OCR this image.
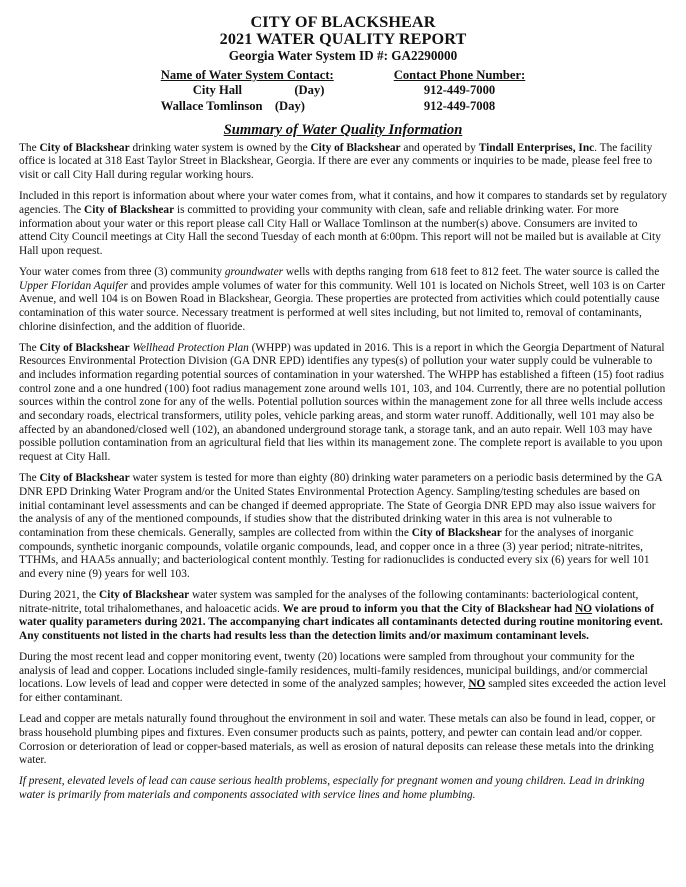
CITY OF BLACKSHEAR
2021 WATER QUALITY REPORT
Georgia Water System ID #: GA2290000
Name of Water System Contact:
City Hall	(Day)
Wallace Tomlinson (Day)
Contact Phone Number:
912-449-7000
912-449-7008
Summary of Water Quality Information

The City of Blackshear drinking water system is owned by the City of Blackshear and operated by Tindall Enterprises, Inc. The facility office is located at 318 East Taylor Street in Blackshear, Georgia. If there are ever any comments or inquiries to be made, please feel free to visit or call City Hall during regular working hours.

Included in this report is information about where your water comes from, what it contains, and how it compares to standards set by regulatory agencies. The City of Blackshear is committed to providing your community with clean, safe and reliable drinking water. For more information about your water or this report please call City Hall or Wallace Tomlinson at the number(s) above. Consumers are invited to attend City Council meetings at City Hall the second Tuesday of each month at 6:00pm. This report will not be mailed but is available at City Hall upon request.

Your water comes from three (3) community groundwater wells with depths ranging from 618 feet to 812 feet. The water source is called the Upper Floridan Aquifer and provides ample volumes of water for this community. Well 101 is located on Nichols Street, well 103 is on Carter Avenue, and well 104 is on Bowen Road in Blackshear, Georgia. These properties are protected from activities which could potentially cause contamination of this water source. Necessary treatment is performed at well sites including, but not limited to, removal of contaminants, chlorine disinfection, and the addition of fluoride.

The City of Blackshear Wellhead Protection Plan (WHPP) was updated in 2016. This is a report in which the Georgia Department of Natural Resources Environmental Protection Division (GA DNR EPD) identifies any types(s) of pollution your water supply could be vulnerable to and includes information regarding potential sources of contamination in your watershed. The WHPP has established a fifteen (15) foot radius control zone and a one hundred (100) foot radius management zone around wells 101, 103, and 104. Currently, there are no potential pollution sources within the control zone for any of the wells. Potential pollution sources within the management zone for all three wells include access and secondary roads, electrical transformers, utility poles, vehicle parking areas, and storm water runoff. Additionally, well 101 may also be affected by an abandoned/closed well (102), an abandoned underground storage tank, a storage tank, and an auto repair. Well 103 may have possible pollution contamination from an agricultural field that lies within its management zone. The complete report is available to you upon request at City Hall.

The City of Blackshear water system is tested for more than eighty (80) drinking water parameters on a periodic basis determined by the GA DNR EPD Drinking Water Program and/or the United States Environmental Protection Agency. Sampling/testing schedules are based on initial contaminant level assessments and can be changed if deemed appropriate. The State of Georgia DNR EPD may also issue waivers for the analysis of any of the mentioned compounds, if studies show that the distributed drinking water in this area is not vulnerable to contamination from these chemicals. Generally, samples are collected from within the City of Blackshear for the analyses of inorganic compounds, synthetic inorganic compounds, volatile organic compounds, lead, and copper once in a three (3) year period; nitrate-nitrites, TTHMs, and HAA5s annually; and bacteriological content monthly. Testing for radionuclides is conducted every six (6) years for well 101 and every nine (9) years for well 103.

During 2021, the City of Blackshear water system was sampled for the analyses of the following contaminants: bacteriological content, nitrate-nitrite, total trihalomethanes, and haloacetic acids. We are proud to inform you that the City of Blackshear had NO violations of water quality parameters during 2021. The accompanying chart indicates all contaminants detected during routine monitoring event. Any constituents not listed in the charts had results less than the detection limits and/or maximum contaminant levels.

During the most recent lead and copper monitoring event, twenty (20) locations were sampled from throughout your community for the analysis of lead and copper. Locations included single-family residences, multi-family residences, municipal buildings, and/or commercial locations. Low levels of lead and copper were detected in some of the analyzed samples; however, NO sampled sites exceeded the action level for either contaminant.

Lead and copper are metals naturally found throughout the environment in soil and water. These metals can also be found in lead, copper, or brass household plumbing pipes and fixtures. Even consumer products such as paints, pottery, and pewter can contain lead and/or copper. Corrosion or deterioration of lead or copper-based materials, as well as erosion of natural deposits can release these metals into the drinking water.

If present, elevated levels of lead can cause serious health problems, especially for pregnant women and young children. Lead in drinking water is primarily from materials and components associated with service lines and home plumbing.
